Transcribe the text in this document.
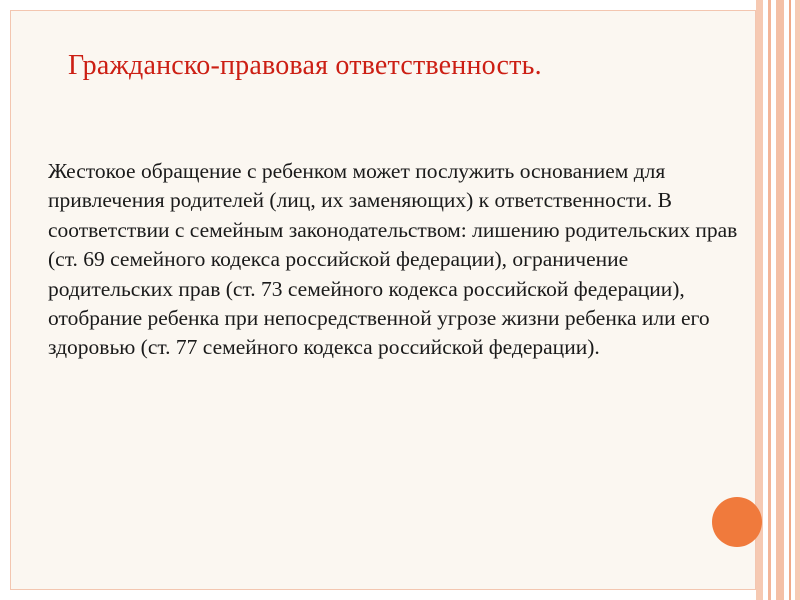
Гражданско-правовая ответственность.

Жестокое обращение с ребенком может послужить основанием для привлечения родителей (лиц, их заменяющих) к ответственности. В соответствии с семейным законодательством: лишению родительских прав (ст. 69 семейного кодекса российской федерации), ограничение родительских прав (ст. 73 семейного кодекса российской федерации), отобрание ребенка при непосредственной угрозе жизни ребенка или его здоровью (ст. 77 семейного кодекса российской федерации).
